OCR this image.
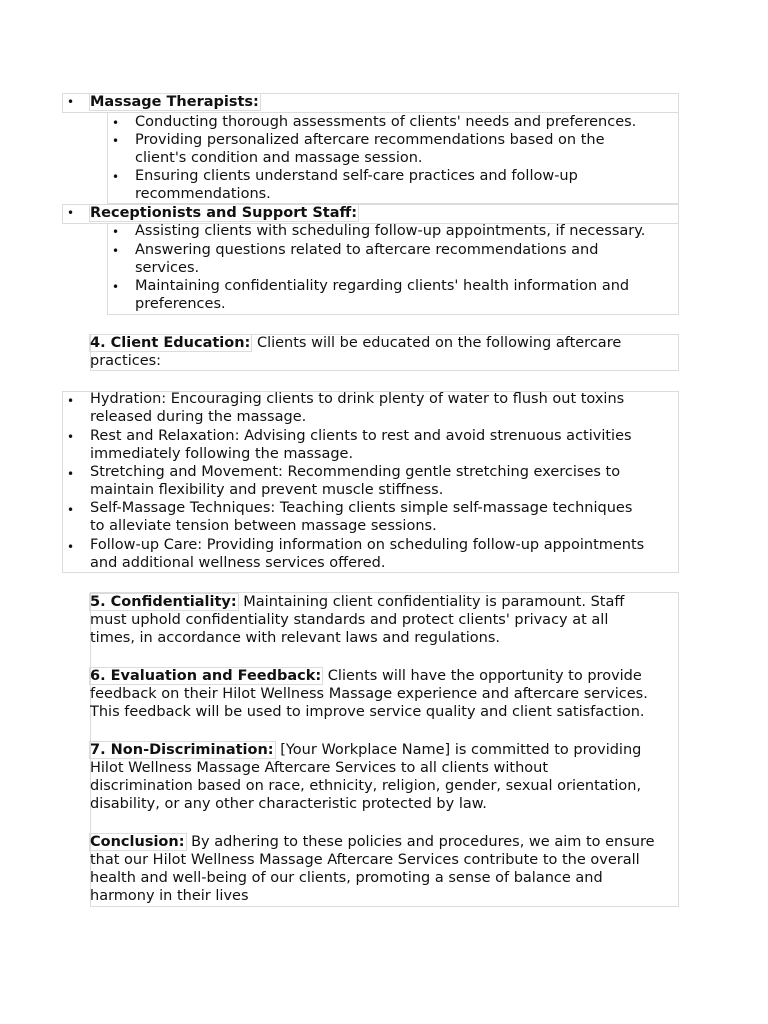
• Massage Therapists:
• Conducting thorough assessments of clients' needs and preferences.
• Providing personalized aftercare recommendations based on the
client's condition and massage session.
• Ensuring clients understand self-care practices and follow-up
recommendations.
• Receptionists and Support Staff:
• Assisting clients with scheduling follow-up appointments, if necessary.
• Answering questions related to aftercare recommendations and
services.
• Maintaining confidentiality regarding clients' health information and
preferences.
4. Client Education: Clients will be educated on the following aftercare
practices:
• Hydration: Encouraging clients to drink plenty of water to flush out toxins
released during the massage.
• Rest and Relaxation: Advising clients to rest and avoid strenuous activities
immediately following the massage.
• Stretching and Movement: Recommending gentle stretching exercises to
maintain flexibility and prevent muscle stiffness.
• Self-Massage Techniques: Teaching clients simple self-massage techniques
to alleviate tension between massage sessions.
• Follow-up Care: Providing information on scheduling follow-up appointments
and additional wellness services offered.
5. Confidentiality: Maintaining client confidentiality is paramount. Staff
must uphold confidentiality standards and protect clients' privacy at all
times, in accordance with relevant laws and regulations.
6. Evaluation and Feedback: Clients will have the opportunity to provide
feedback on their Hilot Wellness Massage experience and aftercare services.
This feedback will be used to improve service quality and client satisfaction.
7. Non-Discrimination: [Your Workplace Name] is committed to providing
Hilot Wellness Massage Aftercare Services to all clients without
discrimination based on race, ethnicity, religion, gender, sexual orientation,
disability, or any other characteristic protected by law.
Conclusion: By adhering to these policies and procedures, we aim to ensure
that our Hilot Wellness Massage Aftercare Services contribute to the overall
health and well-being of our clients, promoting a sense of balance and
harmony in their lives
